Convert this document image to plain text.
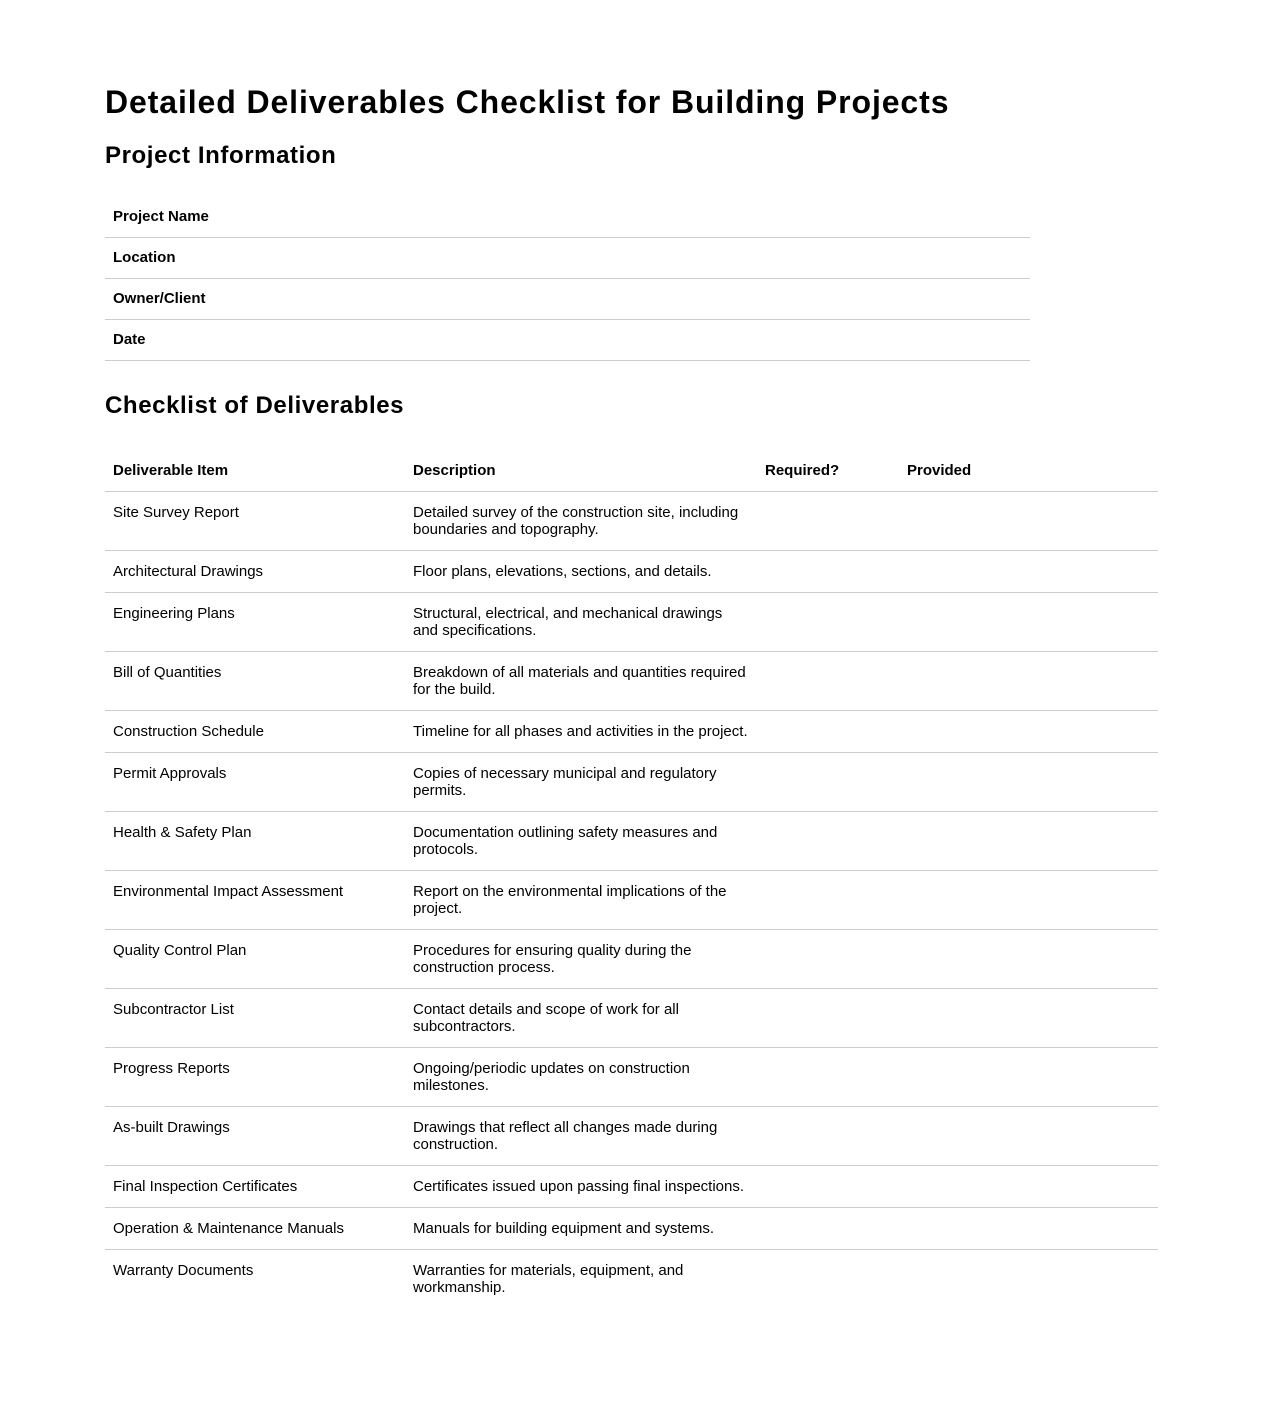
Detailed Deliverables Checklist for Building Projects
Project Information
Project Name		
Location		
Owner/Client		
Date		
Checklist of Deliverables
Deliverable Item	Description	Required?	Provided
Site Survey Report	Detailed survey of the construction site, including boundaries and topography.		
Architectural Drawings	Floor plans, elevations, sections, and details.		
Engineering Plans	Structural, electrical, and mechanical drawings and specifications.		
Bill of Quantities	Breakdown of all materials and quantities required for the build.		
Construction Schedule	Timeline for all phases and activities in the project.		
Permit Approvals	Copies of necessary municipal and regulatory permits.		
Health & Safety Plan	Documentation outlining safety measures and protocols.		
Environmental Impact Assessment	Report on the environmental implications of the project.		
Quality Control Plan	Procedures for ensuring quality during the construction process.		
Subcontractor List	Contact details and scope of work for all subcontractors.		
Progress Reports	Ongoing/periodic updates on construction milestones.		
As-built Drawings	Drawings that reflect all changes made during construction.		
Final Inspection Certificates	Certificates issued upon passing final inspections.		
Operation & Maintenance Manuals	Manuals for building equipment and systems.		
Warranty Documents	Warranties for materials, equipment, and workmanship.		
